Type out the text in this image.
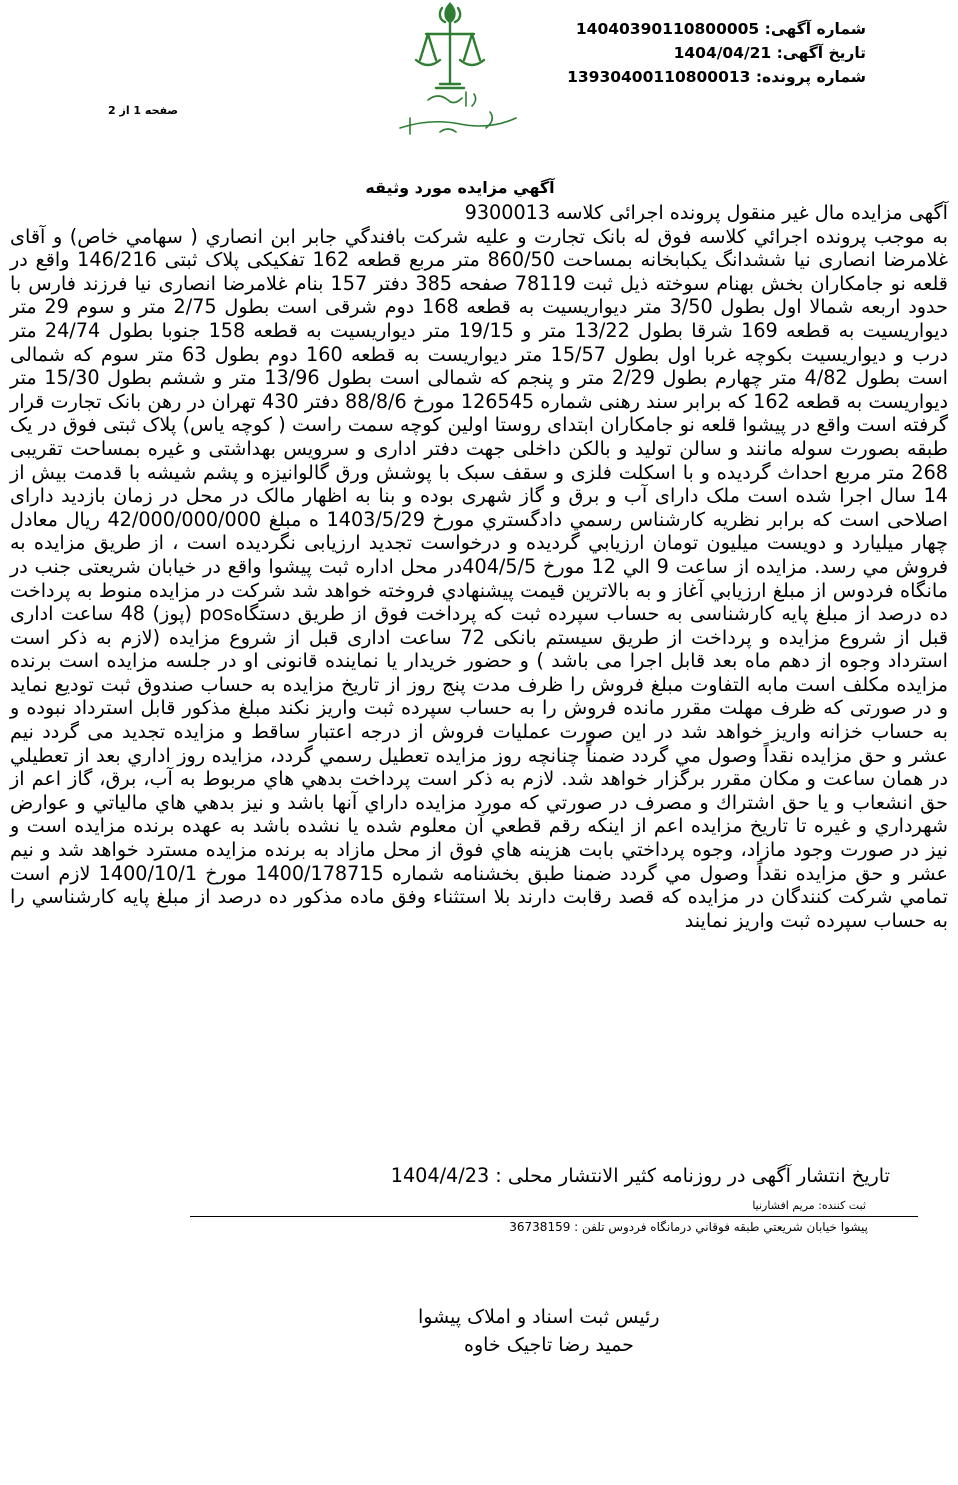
شماره آگهی: 14040390110800005
تاریخ آگهی: 1404/04/21
شماره پرونده: 13930400110800013
صفحه 1 از 2
آگهي مزايده مورد وثيقه

آگهی مزایده مال غیر منقول پرونده اجرائی کلاسه 9300013

به موجب پرونده اجرائي كلاسه فوق له بانک تجارت و عليه شركت بافندگي جابر ابن انصاري ( سهامي خاص) و آقای غلامرضا انصاری نیا ششدانگ یکبابخانه بمساحت 860/50 متر مربع قطعه 162 تفکیکی پلاک ثبتی 146/216 واقع در قلعه نو جامکاران بخش بهنام سوخته ذیل ثبت 78119 صفحه 385 دفتر 157 بنام غلامرضا انصاری نیا فرزند فارس با حدود اربعه شمالا اول بطول 3/50 متر دیواریسیت به قطعه 168 دوم شرقی است بطول 2/75 متر و سوم 29 متر دیواریسیت به قطعه 169 شرقا بطول 13/22 متر و 19/15 متر دیواریسیت به قطعه 158 جنوبا بطول 24/74 متر درب و دیواریسیت بکوچه غربا اول بطول 15/57 متر دیواریست به قطعه 160 دوم بطول 63 متر سوم که شمالی است بطول 4/82 متر چهارم بطول 2/29 متر و پنجم که شمالی است بطول 13/96 متر و ششم بطول 15/30 متر دیواریست به قطعه 162 که برابر سند رهنی شماره 126545 مورخ 88/8/6 دفتر 430 تهران در رهن بانک تجارت قرار گرفته است واقع در پیشوا قلعه نو جامکاران ابتدای روستا اولین کوچه سمت راست ( کوچه یاس) پلاک ثبتی فوق در یک طبقه بصورت سوله مانند و سالن تولید و بالکن داخلی جهت دفتر اداری و سرویس بهداشتی و غیره بمساحت تقریبی 268 متر مربع احداث گردیده و با اسکلت فلزی و سقف سبک با پوشش ورق گالوانیزه و پشم شیشه با قدمت بیش از 14 سال اجرا شده است ملک دارای آب و برق و گاز شهری بوده و بنا به اظهار مالک در محل در زمان بازدید دارای اصلاحی است که برابر نظريه كارشناس رسمي دادگستري مورخ 1403/5/29 ه مبلغ 42/000/000/000 ريال معادل چهار میلیارد و دویست میلیون تومان ارزيابي گرديده و درخواست تجدید ارزیابی نگردیده است ، از طريق مزايده به فروش مي رسد. مزايده از ساعت 9 الي 12 مورخ 404/5/5در محل اداره ثبت پیشوا واقع در خیابان شریعتی جنب در مانگاه فردوس از مبلغ ارزيابي آغاز و به بالاترين قيمت پيشنهادي فروخته خواهد شد شرکت در مزایده منوط به پرداخت ده درصد از مبلغ پایه کارشناسی به حساب سپرده ثبت که پرداخت فوق از طریق دستگاهpos (پوز) 48 ساعت اداری قبل از شروع مزایده و پرداخت از طریق سیستم بانکی 72 ساعت اداری قبل از شروع مزایده (لازم به ذکر است استرداد وجوه از دهم ماه بعد قابل اجرا می باشد ) و حضور خریدار یا نماینده قانونی او در جلسه مزایده است برنده مزایده مکلف است مابه التفاوت مبلغ فروش را ظرف مدت پنج روز از تاریخ مزایده به حساب صندوق ثبت تودیع نماید و در صورتی که ظرف مهلت مقرر مانده فروش را به حساب سپرده ثبت واریز نکند مبلغ مذکور قابل استرداد نبوده و به حساب خزانه واریز خواهد شد در این صورت عملیات فروش از درجه اعتبار ساقط و مزایده تجدید می گردد نیم عشر و حق مزايده نقداً وصول مي گردد ضمناً چنانچه روز مزايده تعطيل رسمي گردد، مزايده روز اداري بعد از تعطيلي در همان ساعت و مكان مقرر برگزار خواهد شد. لازم به ذكر است پرداخت بدهي هاي مربوط به آب، برق، گاز اعم از حق انشعاب و يا حق اشتراك و مصرف در صورتي كه مورد مزايده داراي آنها باشد و نيز بدهي هاي مالياتي و عوارض شهرداري و غيره تا تاريخ مزايده اعم از اينكه رقم قطعي آن معلوم شده يا نشده باشد به عهده برنده مزايده است و نيز در صورت وجود مازاد، وجوه پرداختي بابت هزينه هاي فوق از محل مازاد به برنده مزايده مسترد خواهد شد و نيم عشر و حق مزايده نقداً وصول مي گردد ضمنا طبق بخشنامه شماره 1400/178715 مورخ 1400/10/1 لازم است تمامي شركت كنندگان در مزايده كه قصد رقابت دارند بلا استثناء وفق ماده مذكور ده درصد از مبلغ پايه كارشناسي را به حساب سپرده ثبت واريز نمايند

تاریخ انتشار آگهی در روزنامه کثیر الانتشار محلی : 1404/4/23
ثبت کننده: مریم افشارنیا
پيشوا خيابان شريعتي طبقه فوقاني درمانگاه فردوس تلفن : 36738159
رئیس ثبت اسناد و املاک پیشوا
حمید رضا تاجیک خاوه
